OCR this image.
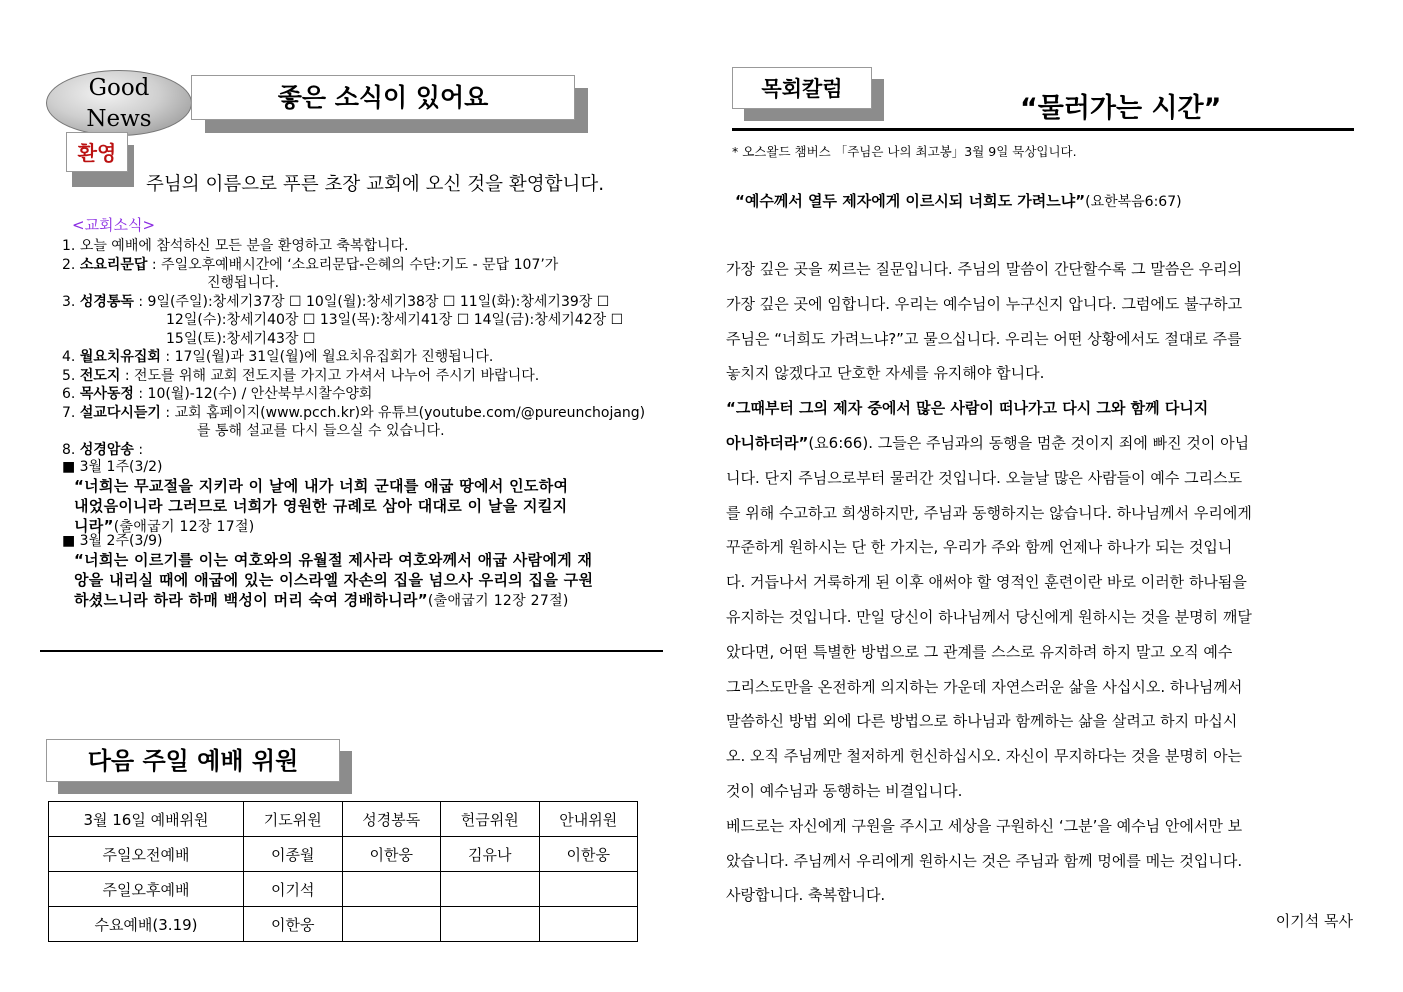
Good
News
좋은 소식이 있어요
환영
주님의 이름으로 푸른 초장 교회에 오신 것을 환영합니다.
<교회소식>
1. 오늘 예배에 참석하신 모든 분을 환영하고 축복합니다.
2. 소요리문답 : 주일오후예배시간에 ‘소요리문답-은혜의 수단:기도 - 문답 107’가
진행됩니다.
3. 성경통독 : 9일(주일):창세기37장 ☐ 10일(월):창세기38장 ☐ 11일(화):창세기39장 ☐
12일(수):창세기40장 ☐ 13일(목):창세기41장 ☐ 14일(금):창세기42장 ☐
15일(토):창세기43장 ☐
4. 월요치유집회 : 17일(월)과 31일(월)에 월요치유집회가 진행됩니다.
5. 전도지 : 전도를 위해 교회 전도지를 가지고 가셔서 나누어 주시기 바랍니다.
6. 목사동정 : 10(월)-12(수) / 안산북부시찰수양회
7. 설교다시듣기 : 교회 홈페이지(www.pcch.kr)와 유튜브(youtube.com/@pureunchojang)
를 통해 설교를 다시 들으실 수 있습니다.
8. 성경암송 :
■ 3월 1주(3/2)
“너희는 무교절을 지키라 이 날에 내가 너희 군대를 애굽 땅에서 인도하여
내었음이니라 그러므로 너희가 영원한 규례로 삼아 대대로 이 날을 지킬지
니라”(출애굽기 12장 17절)
■ 3월 2주(3/9)
“너희는 이르기를 이는 여호와의 유월절 제사라 여호와께서 애굽 사람에게 재
앙을 내리실 때에 애굽에 있는 이스라엘 자손의 집을 넘으사 우리의 집을 구원
하셨느니라 하라 하매 백성이 머리 숙여 경배하니라”(출애굽기 12장 27절)
다음 주일 예배 위원
3월 16일 예배위원	기도위원	성경봉독	헌금위원	안내위원
주일오전예배	이종월	이한웅	김유나	이한웅
주일오후예배	이기석			
수요예배(3.19)	이한웅			
목회칼럼
“물러가는 시간”
* 오스왈드 챔버스 「주님은 나의 최고봉」3월 9일 묵상입니다.
“예수께서 열두 제자에게 이르시되 너희도 가려느냐”(요한복음6:67)

가장 깊은 곳을 찌르는 질문입니다. 주님의 말씀이 간단할수록 그 말씀은 우리의

가장 깊은 곳에 임합니다. 우리는 예수님이 누구신지 압니다. 그럼에도 불구하고

주님은 “너희도 가려느냐?”고 물으십니다. 우리는 어떤 상황에서도 절대로 주를

놓치지 않겠다고 단호한 자세를 유지해야 합니다.

“그때부터 그의 제자 중에서 많은 사람이 떠나가고 다시 그와 함께 다니지

아니하더라”(요6:66). 그들은 주님과의 동행을 멈춘 것이지 죄에 빠진 것이 아닙

니다. 단지 주님으로부터 물러간 것입니다. 오늘날 많은 사람들이 예수 그리스도

를 위해 수고하고 희생하지만, 주님과 동행하지는 않습니다. 하나님께서 우리에게

꾸준하게 원하시는 단 한 가지는, 우리가 주와 함께 언제나 하나가 되는 것입니

다. 거듭나서 거룩하게 된 이후 애써야 할 영적인 훈련이란 바로 이러한 하나됨을

유지하는 것입니다. 만일 당신이 하나님께서 당신에게 원하시는 것을 분명히 깨달

았다면, 어떤 특별한 방법으로 그 관계를 스스로 유지하려 하지 말고 오직 예수

그리스도만을 온전하게 의지하는 가운데 자연스러운 삶을 사십시오. 하나님께서

말씀하신 방법 외에 다른 방법으로 하나님과 함께하는 삶을 살려고 하지 마십시

오. 오직 주님께만 철저하게 헌신하십시오. 자신이 무지하다는 것을 분명히 아는

것이 예수님과 동행하는 비결입니다.

베드로는 자신에게 구원을 주시고 세상을 구원하신 ‘그분’을 예수님 안에서만 보

았습니다. 주님께서 우리에게 원하시는 것은 주님과 함께 멍에를 메는 것입니다.

사랑합니다. 축복합니다.

이기석 목사
